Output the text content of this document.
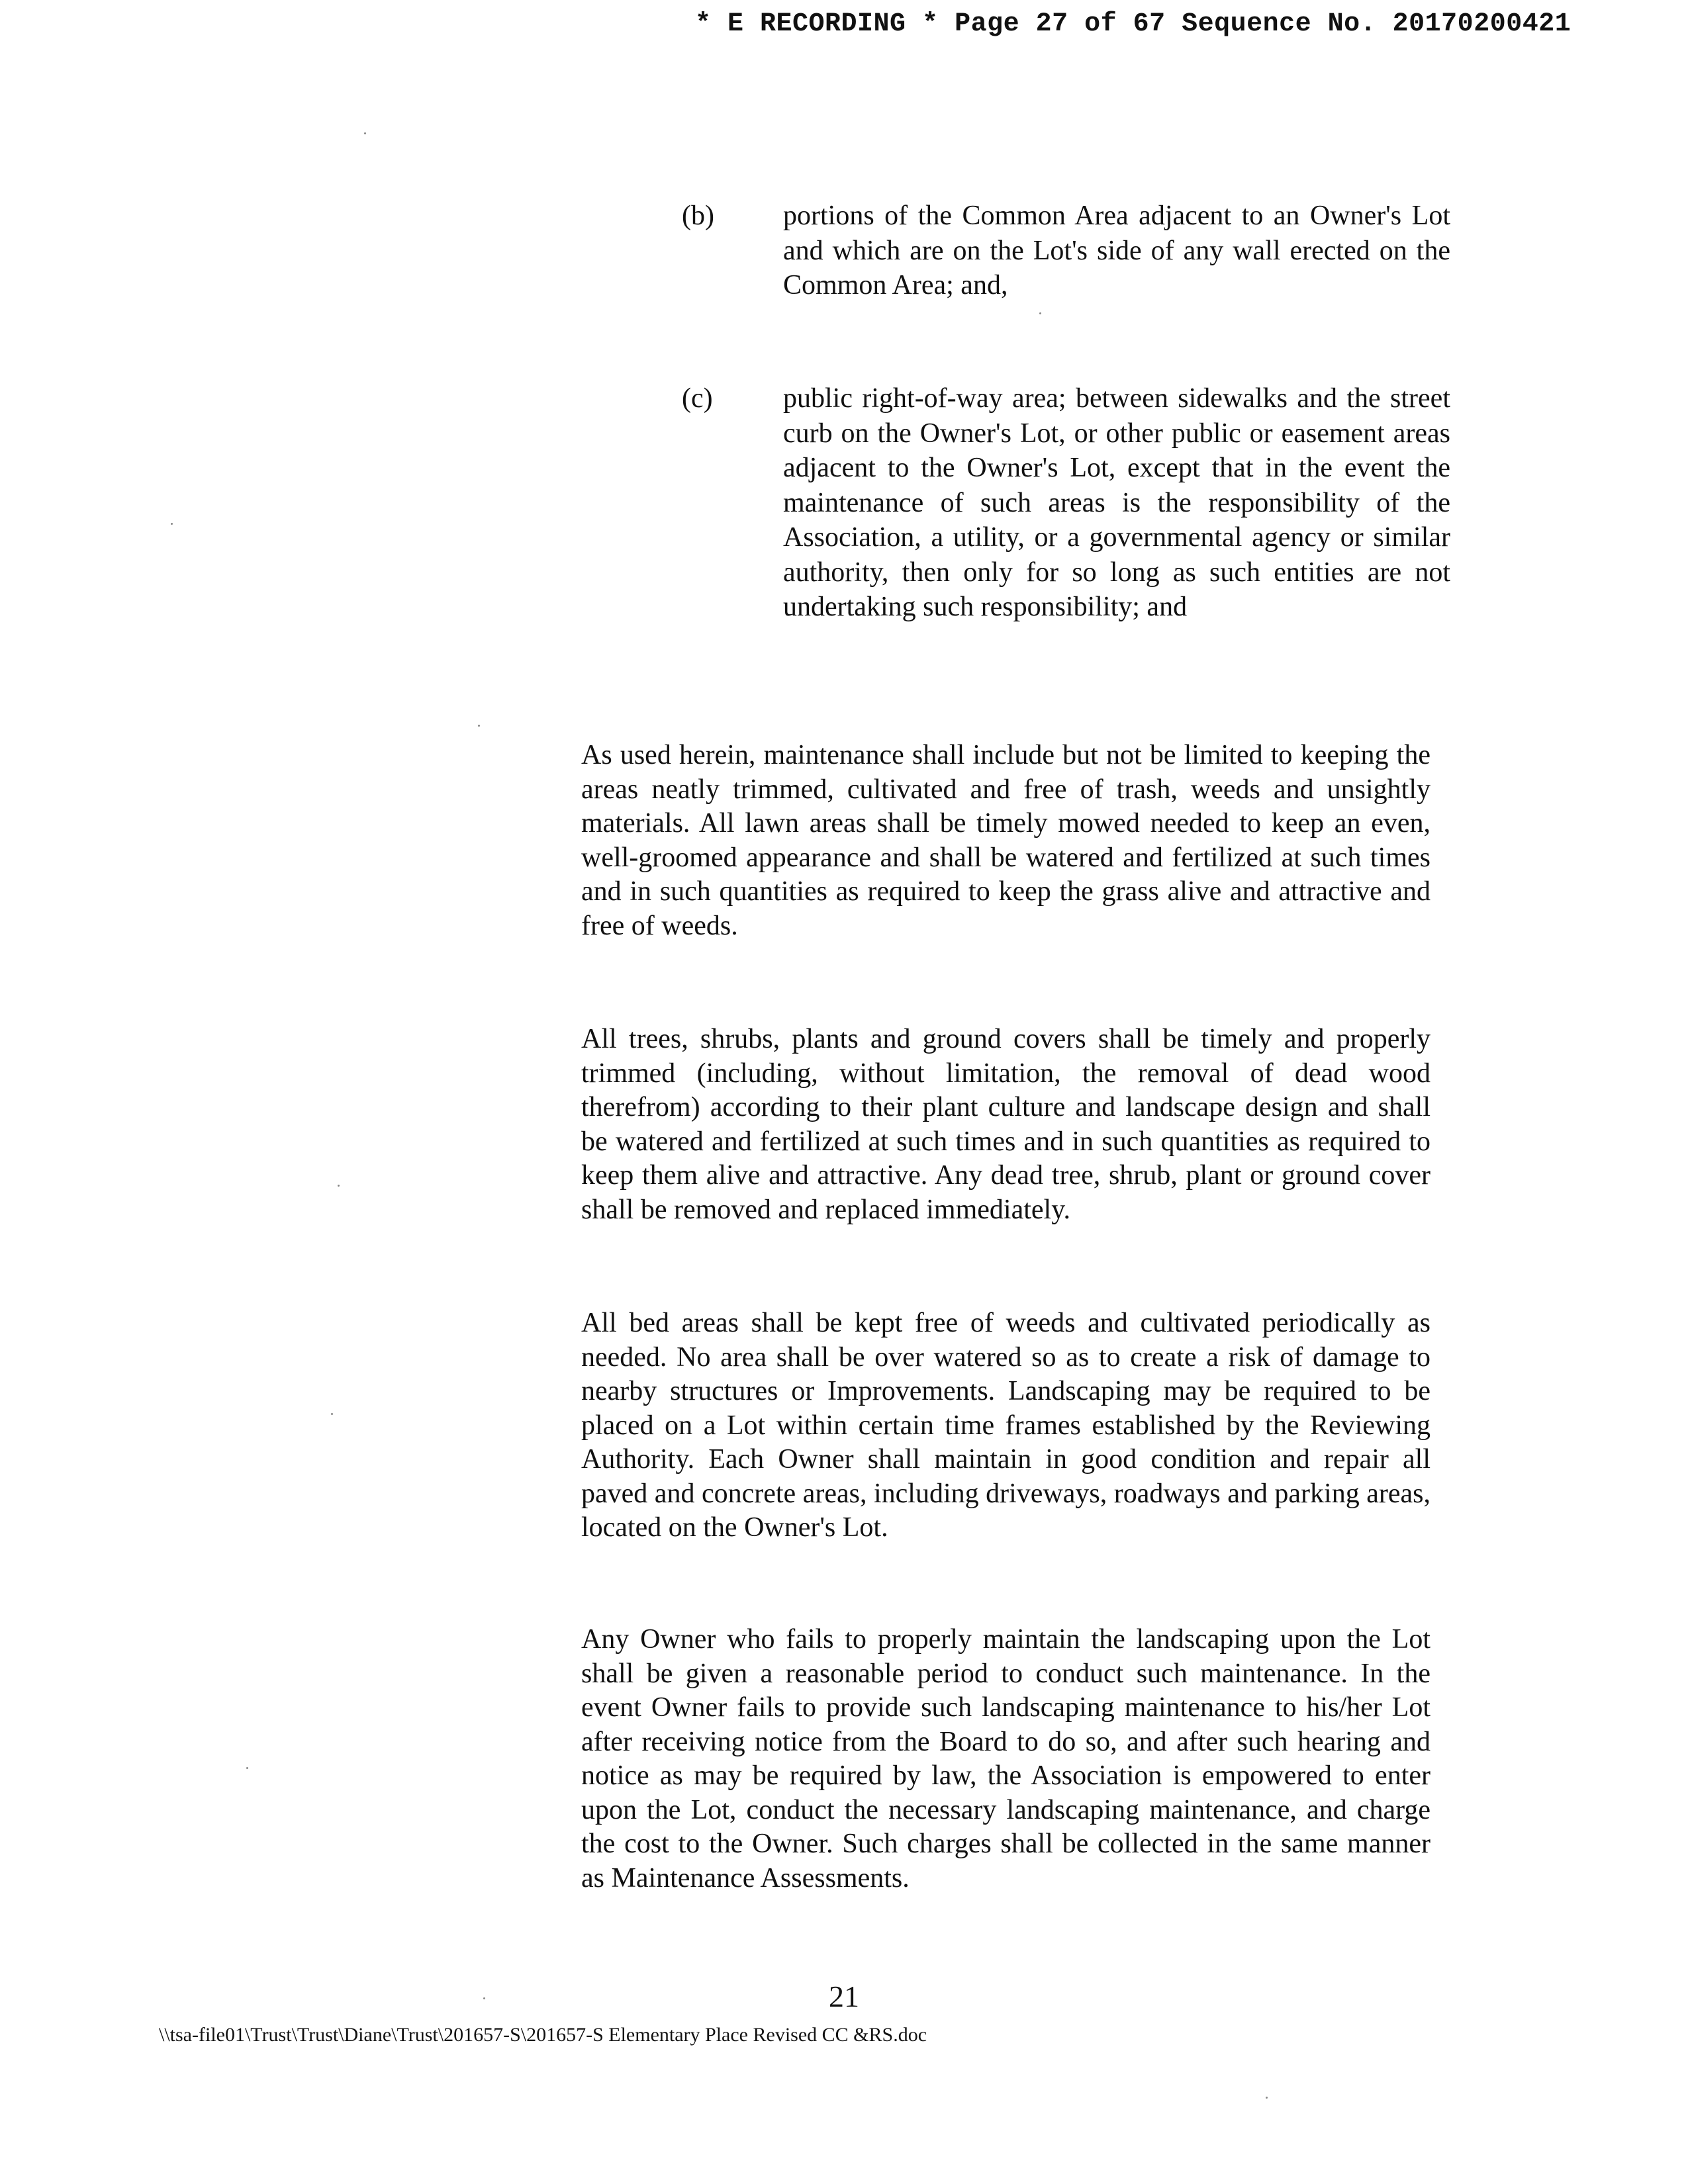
* E RECORDING * Page 27 of 67 Sequence No. 20170200421
(b) portions of the Common Area adjacent to an Owner's Lot and which are on the Lot's side of any wall erected on the Common Area; and,
(c)	public right-of-way area; between sidewalks and the street curb on the Owner's Lot, or other public or easement areas adjacent to the Owner's Lot, except that in the event the maintenance of such areas is the responsibility of the Association, a utility, or a governmental agency or similar authority, then only for so long as such entities are not undertaking such responsibility; and
As used herein, maintenance shall include but not be limited to keeping the areas neatly trimmed, cultivated and free of trash, weeds and unsightly materials. All lawn areas shall be timely mowed needed to keep an even, well-groomed appearance and shall be watered and fertilized at such times and in such quantities as required to keep the grass alive and attractive and free of weeds.
All trees, shrubs, plants and ground covers shall be timely and properly trimmed (including, without limitation, the removal of dead wood therefrom) according to their plant culture and landscape design and shall be watered and fertilized at such times and in such quantities as required to keep them alive and attractive. Any dead tree, shrub, plant or ground cover shall be removed and replaced immediately.
All bed areas shall be kept free of weeds and cultivated periodically as needed. No area shall be over watered so as to create a risk of damage to nearby structures or Improvements. Landscaping may be required to be placed on a Lot within certain time frames established by the Reviewing Authority. Each Owner shall maintain in good condition and repair all paved and concrete areas, including driveways, roadways and parking areas, located on the Owner's Lot.
Any Owner who fails to properly maintain the landscaping upon the Lot shall be given a reasonable period to conduct such maintenance. In the event Owner fails to provide such landscaping maintenance to his/her Lot after receiving notice from the Board to do so, and after such hearing and notice as may be required by law, the Association is empowered to enter upon the Lot, conduct the necessary landscaping maintenance, and charge the cost to the Owner. Such charges shall be collected in the same manner as Maintenance Assessments.
21
\\tsa-file01\Trust\Trust\Diane\Trust\201657-S\201657-S Elementary Place Revised CC &RS.doc
